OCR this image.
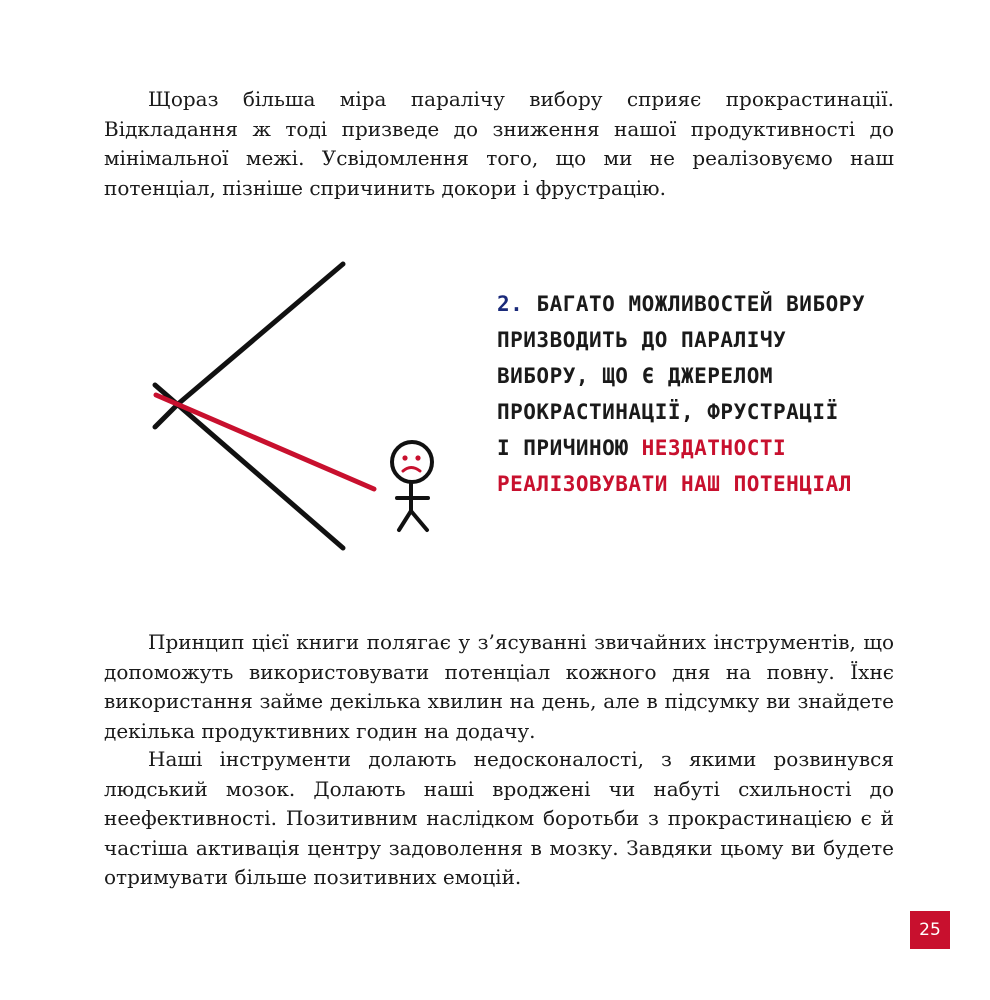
Щораз більша міра паралічу вибору сприяє прокрастинації. Відкладання ж тоді призведе до зниження нашої продуктивності до мінімальної межі. Усвідомлення того, що ми не реалізовуємо наш потенціал, пізніше спричинить докори і фрустрацію.

2. БАГАТО МОЖЛИВОСТЕЙ ВИБОРУ
ПРИЗВОДИТЬ ДО ПАРАЛІЧУ
ВИБОРУ, ЩО Є ДЖЕРЕЛОМ
ПРОКРАСТИНАЦІЇ, ФРУСТРАЦІЇ
І ПРИЧИНОЮ НЕЗДАТНОСТІ
РЕАЛІЗОВУВАТИ НАШ ПОТЕНЦІАЛ

Принцип цієї книги полягає у з’ясуванні звичайних інструментів, що допоможуть використовувати потенціал кожного дня на повну. Їхнє використання займе декілька хвилин на день, але в підсумку ви знайдете декілька продуктивних годин на додачу.

Наші інструменти долають недосконалості, з якими розвинувся людський мозок. Долають наші вроджені чи набуті схильності до неефективності. Позитивним наслідком боротьби з прокрастинацією є й частіша активація центру задоволення в мозку. Завдяки цьому ви будете отримувати більше позитивних емоцій.

25
